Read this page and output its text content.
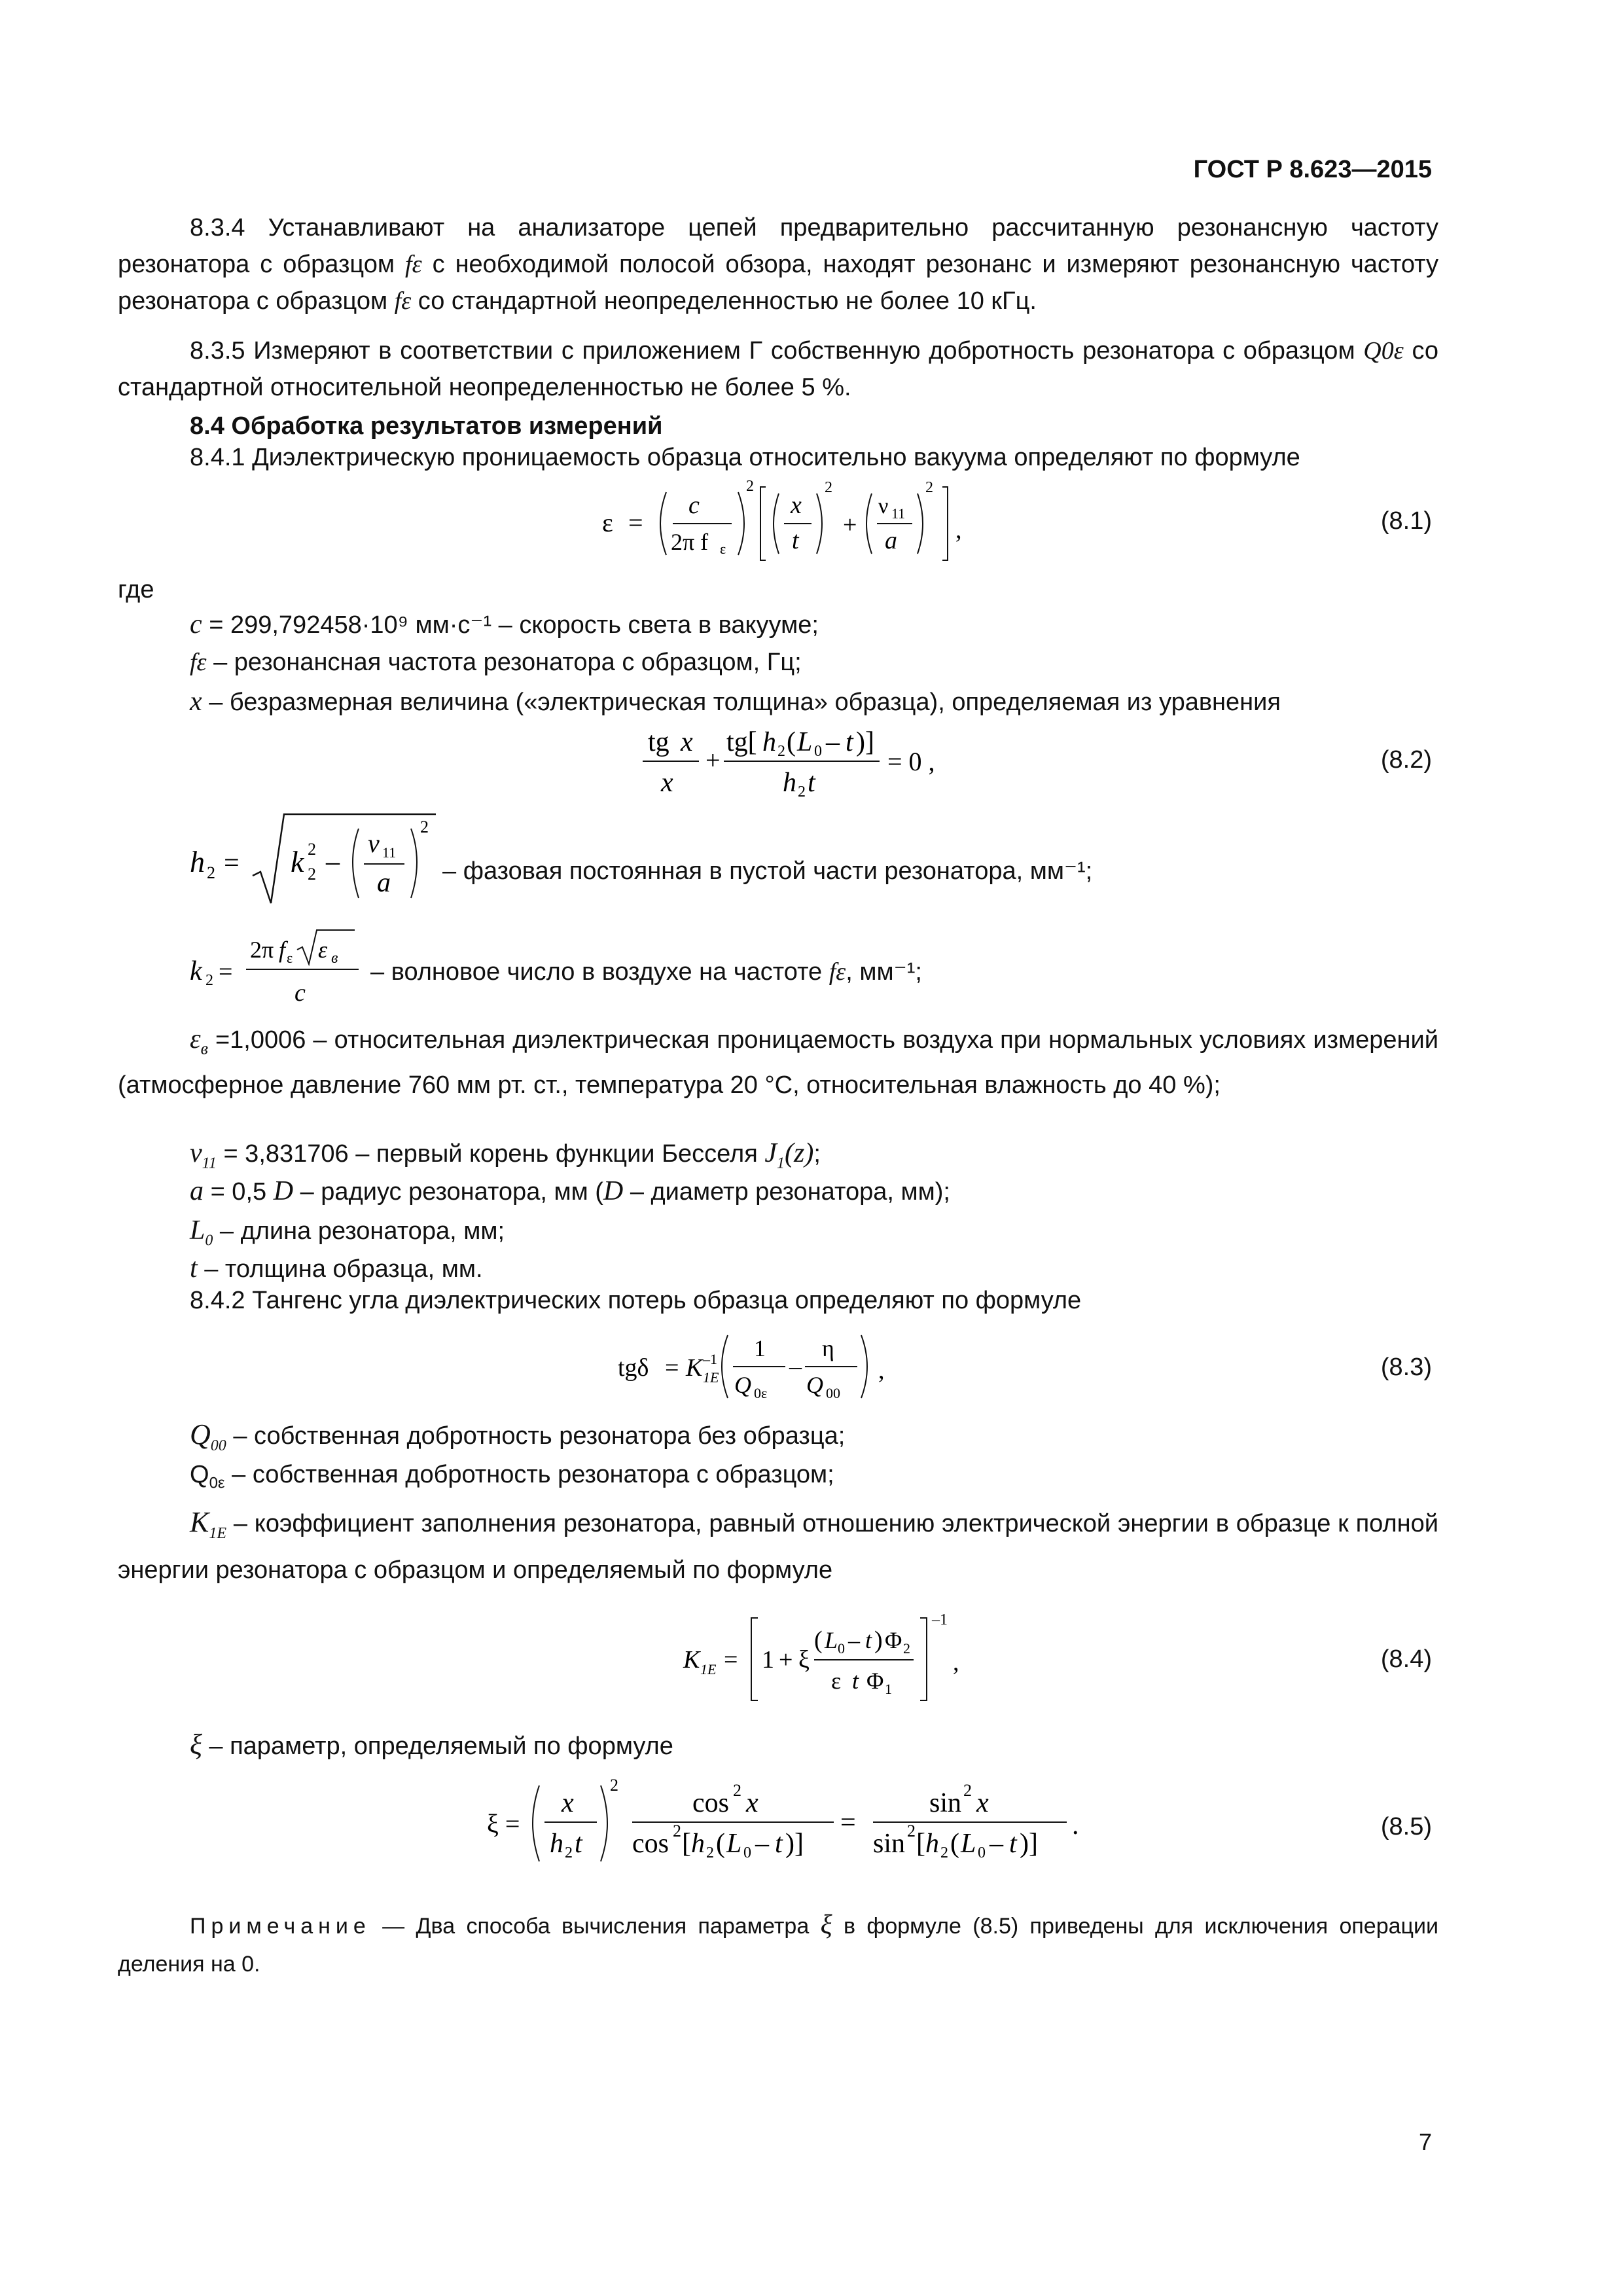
ГОСТ Р 8.623—2015
8.3.4 Устанавливают на анализаторе цепей предварительно рассчитанную резонансную частоту резонатора с образцом fε с необходимой полосой обзора, находят резонанс и измеряют резонансную частоту резонатора с образцом fε со стандартной неопределенностью не более 10 кГц.
8.3.5 Измеряют в соответствии с приложением Г собственную добротность резонатора с образцом Q0ε со стандартной относительной неопределенностью не более 5 %.
8.4 Обработка результатов измерений
8.4.1 Диэлектрическую проницаемость образца относительно вакуума определяют по формуле
ε =
c
2π f ε
2
x
t
2
+
ν 11
a
2
,	(8.1)
где
c = 299,792458·10⁹ мм·с⁻¹ – скорость света в вакууме;
fε – резонансная частота резонатора с образцом, Гц;
x – безразмерная величина («электрическая толщина» образца), определяемая из уравнения
tg x
x
+
tg[ h 2 ( L 0 – t )]
h 2 t
= 0 ,	(8.2)
h 2 = k 2
2 –
ν 11
a
2
– фазовая постоянная в пустой части резонатора, мм⁻¹;
k 2 =
2π f ε ε в
c
– волновое число в воздухе на частоте fε, мм⁻¹;
$\varepsilon_в =1,0006$ – относительная диэлектрическая проницаемость воздуха при нормальных условиях измерений (атмосферное давление 760 мм рт. ст., температура 20 °С, относительная влажность до 40 %);
$\nu_{11} = 3,831706$ – первый корень функции Бесселя $J_1(z)$;
a = 0,5 D – радиус резонатора, мм (D – диаметр резонатора, мм);
$L_0$ – длина резонатора, мм;
t – толщина образца, мм.
8.4.2 Тангенс угла диэлектрических потерь образца определяют по формуле
tgδ = K –1
1E
1
Q 0ε
–
η
Q 00
,	(8.3)
$Q_{00}$ – собственная добротность резонатора без образца;
$Q_{0\varepsilon}$ – собственная добротность резонатора с образцом;
$K_{1E}$ – коэффициент заполнения резонатора, равный отношению электрической энергии в образце к полной энергии резонатора с образцом и определяемый по формуле
K 1E = 1 + ξ
( L 0 – t ) Φ 2
ε t Φ 1
–1
,	(8.4)
ξ – параметр, определяемый по формуле
ξ =
x
h 2 t
2
cos 2 x
cos 2 [ h 2 ( L 0 – t )]
=
sin 2 x
sin 2 [ h 2 ( L 0 – t )]
.	(8.5)
Примечание — Два способа вычисления параметра ξ в формуле (8.5) приведены для исключения операции деления на 0.
7
